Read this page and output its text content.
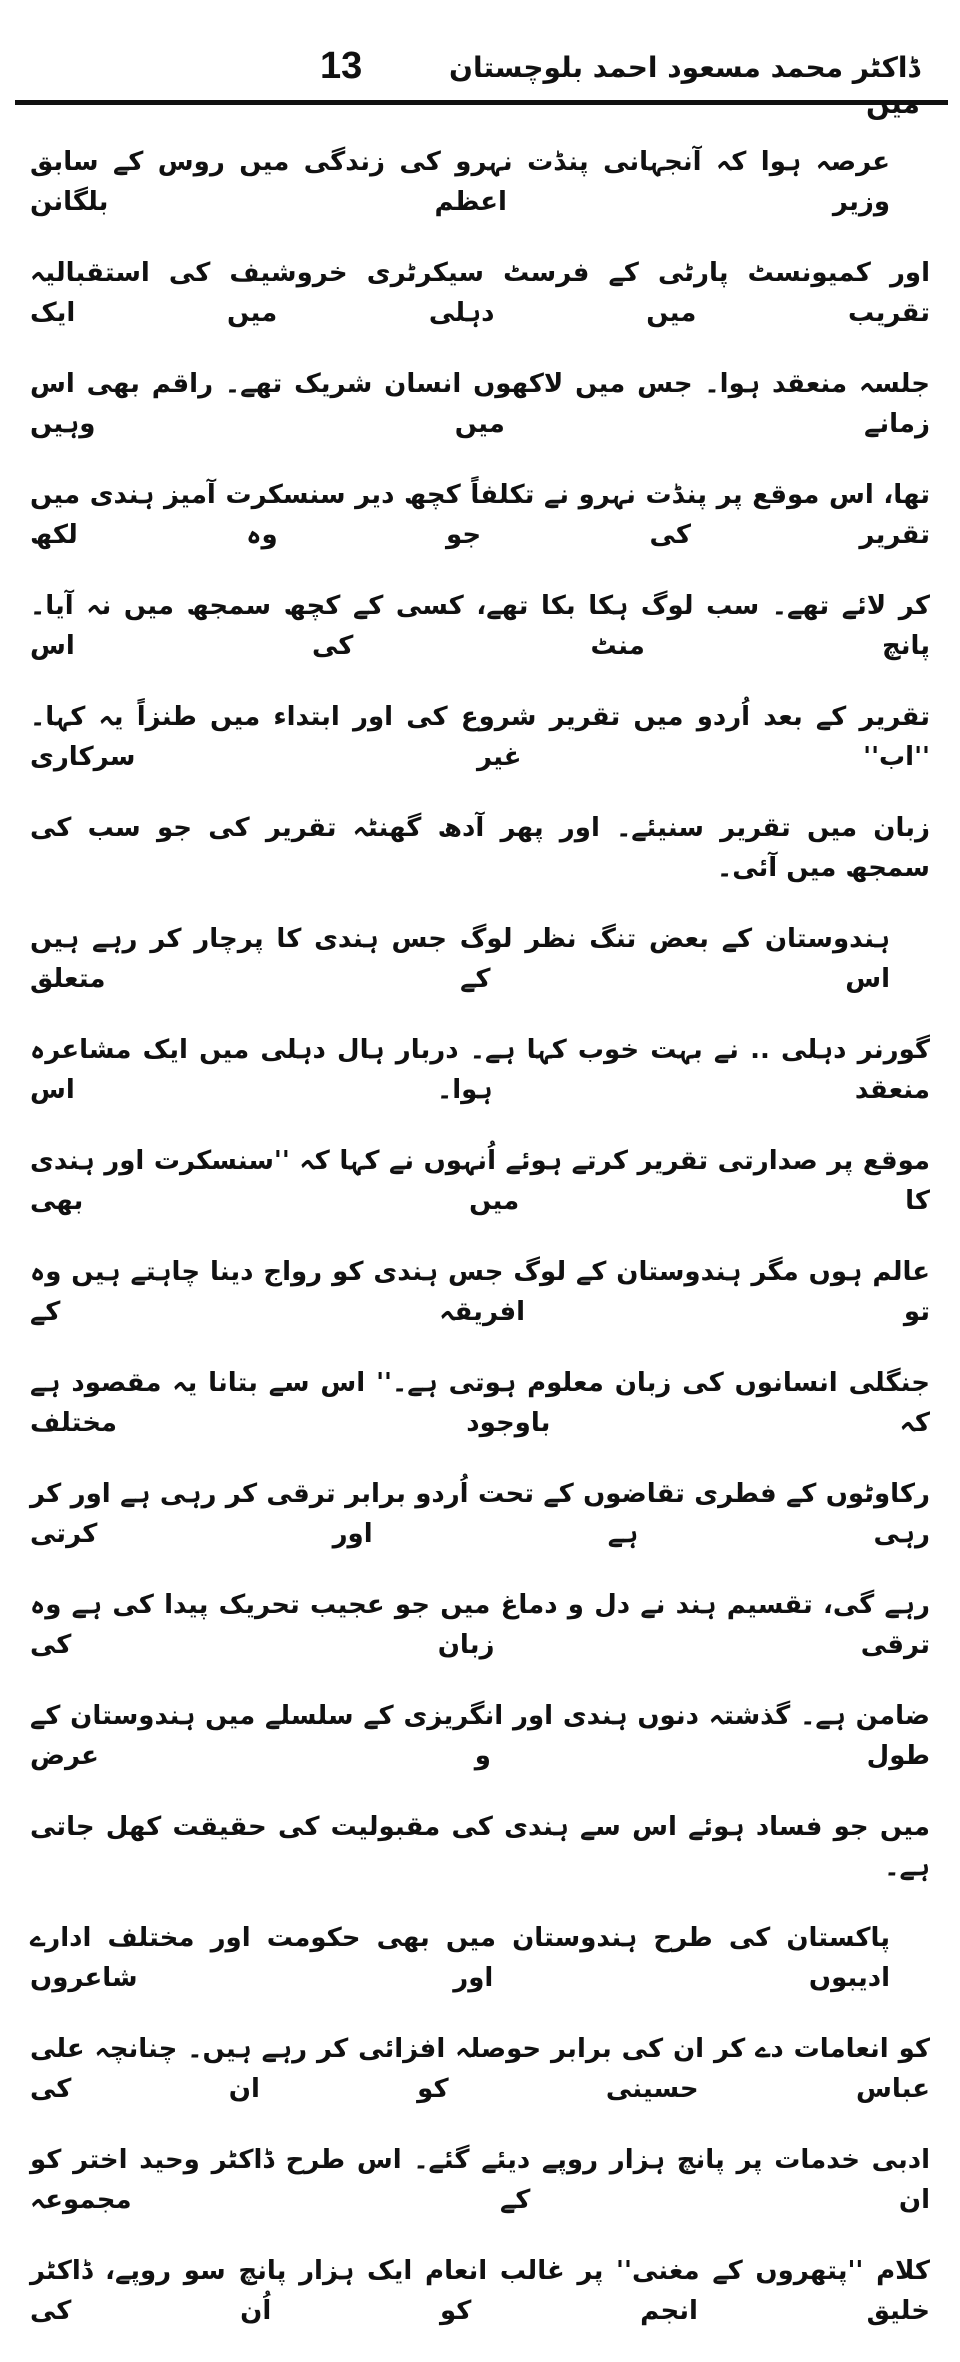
ڈاکٹر محمد مسعود احمد بلوچستان
13
عرصہ ہوا کہ آنجہانی پنڈت نہرو کی زندگی میں روس کے سابق وزیر اعظم بلگانن
اور کمیونسٹ پارٹی کے فرسٹ سیکرٹری خروشیف کی استقبالیہ تقریب میں دہلی میں ایک
جلسہ منعقد ہوا۔ جس میں لاکھوں انسان شریک تھے۔ راقم بھی اس زمانے میں وہیں
تھا، اس موقع پر پنڈت نہرو نے تکلفاً کچھ دیر سنسکرت آمیز ہندی میں تقریر کی جو وہ لکھ
کر لائے تھے۔ سب لوگ ہکا بکا تھے، کسی کے کچھ سمجھ میں نہ آیا۔ پانچ منٹ کی اس
تقریر کے بعد اُردو میں تقریر شروع کی اور ابتداء میں طنزاً یہ کہا۔ ''اب'' غیر سرکاری
زبان میں تقریر سنیئے۔ اور پھر آدھ گھنٹہ تقریر کی جو سب کی سمجھ میں آئی۔
ہندوستان کے بعض تنگ نظر لوگ جس ہندی کا پرچار کر رہے ہیں اس کے متعلق
گورنر دہلی .. نے بہت خوب کہا ہے۔ دربار ہال دہلی میں ایک مشاعرہ منعقد ہوا۔ اس
موقع پر صدارتی تقریر کرتے ہوئے اُنہوں نے کہا کہ ''سنسکرت اور ہندی کا میں بھی
عالم ہوں مگر ہندوستان کے لوگ جس ہندی کو رواج دینا چاہتے ہیں وہ تو افریقہ کے
جنگلی انسانوں کی زبان معلوم ہوتی ہے۔'' اس سے بتانا یہ مقصود ہے کہ باوجود مختلف
رکاوٹوں کے فطری تقاضوں کے تحت اُردو برابر ترقی کر رہی ہے اور کر رہی ہے اور کرتی
رہے گی، تقسیم ہند نے دل و دماغ میں جو عجیب تحریک پیدا کی ہے وہ ترقی زبان کی
ضامن ہے۔ گذشتہ دنوں ہندی اور انگریزی کے سلسلے میں ہندوستان کے طول و عرض
میں جو فساد ہوئے اس سے ہندی کی مقبولیت کی حقیقت کھل جاتی ہے۔
پاکستان کی طرح ہندوستان میں بھی حکومت اور مختلف ادارے ادیبوں اور شاعروں
کو انعامات دے کر ان کی برابر حوصلہ افزائی کر رہے ہیں۔ چنانچہ علی عباس حسینی کو ان کی
ادبی خدمات پر پانچ ہزار روپے دیئے گئے۔ اس طرح ڈاکٹر وحید اختر کو ان کے مجموعہ
کلام ''پتھروں کے مغنی'' پر غالب انعام ایک ہزار پانچ سو روپے، ڈاکٹر خلیق انجم کو اُن کی
